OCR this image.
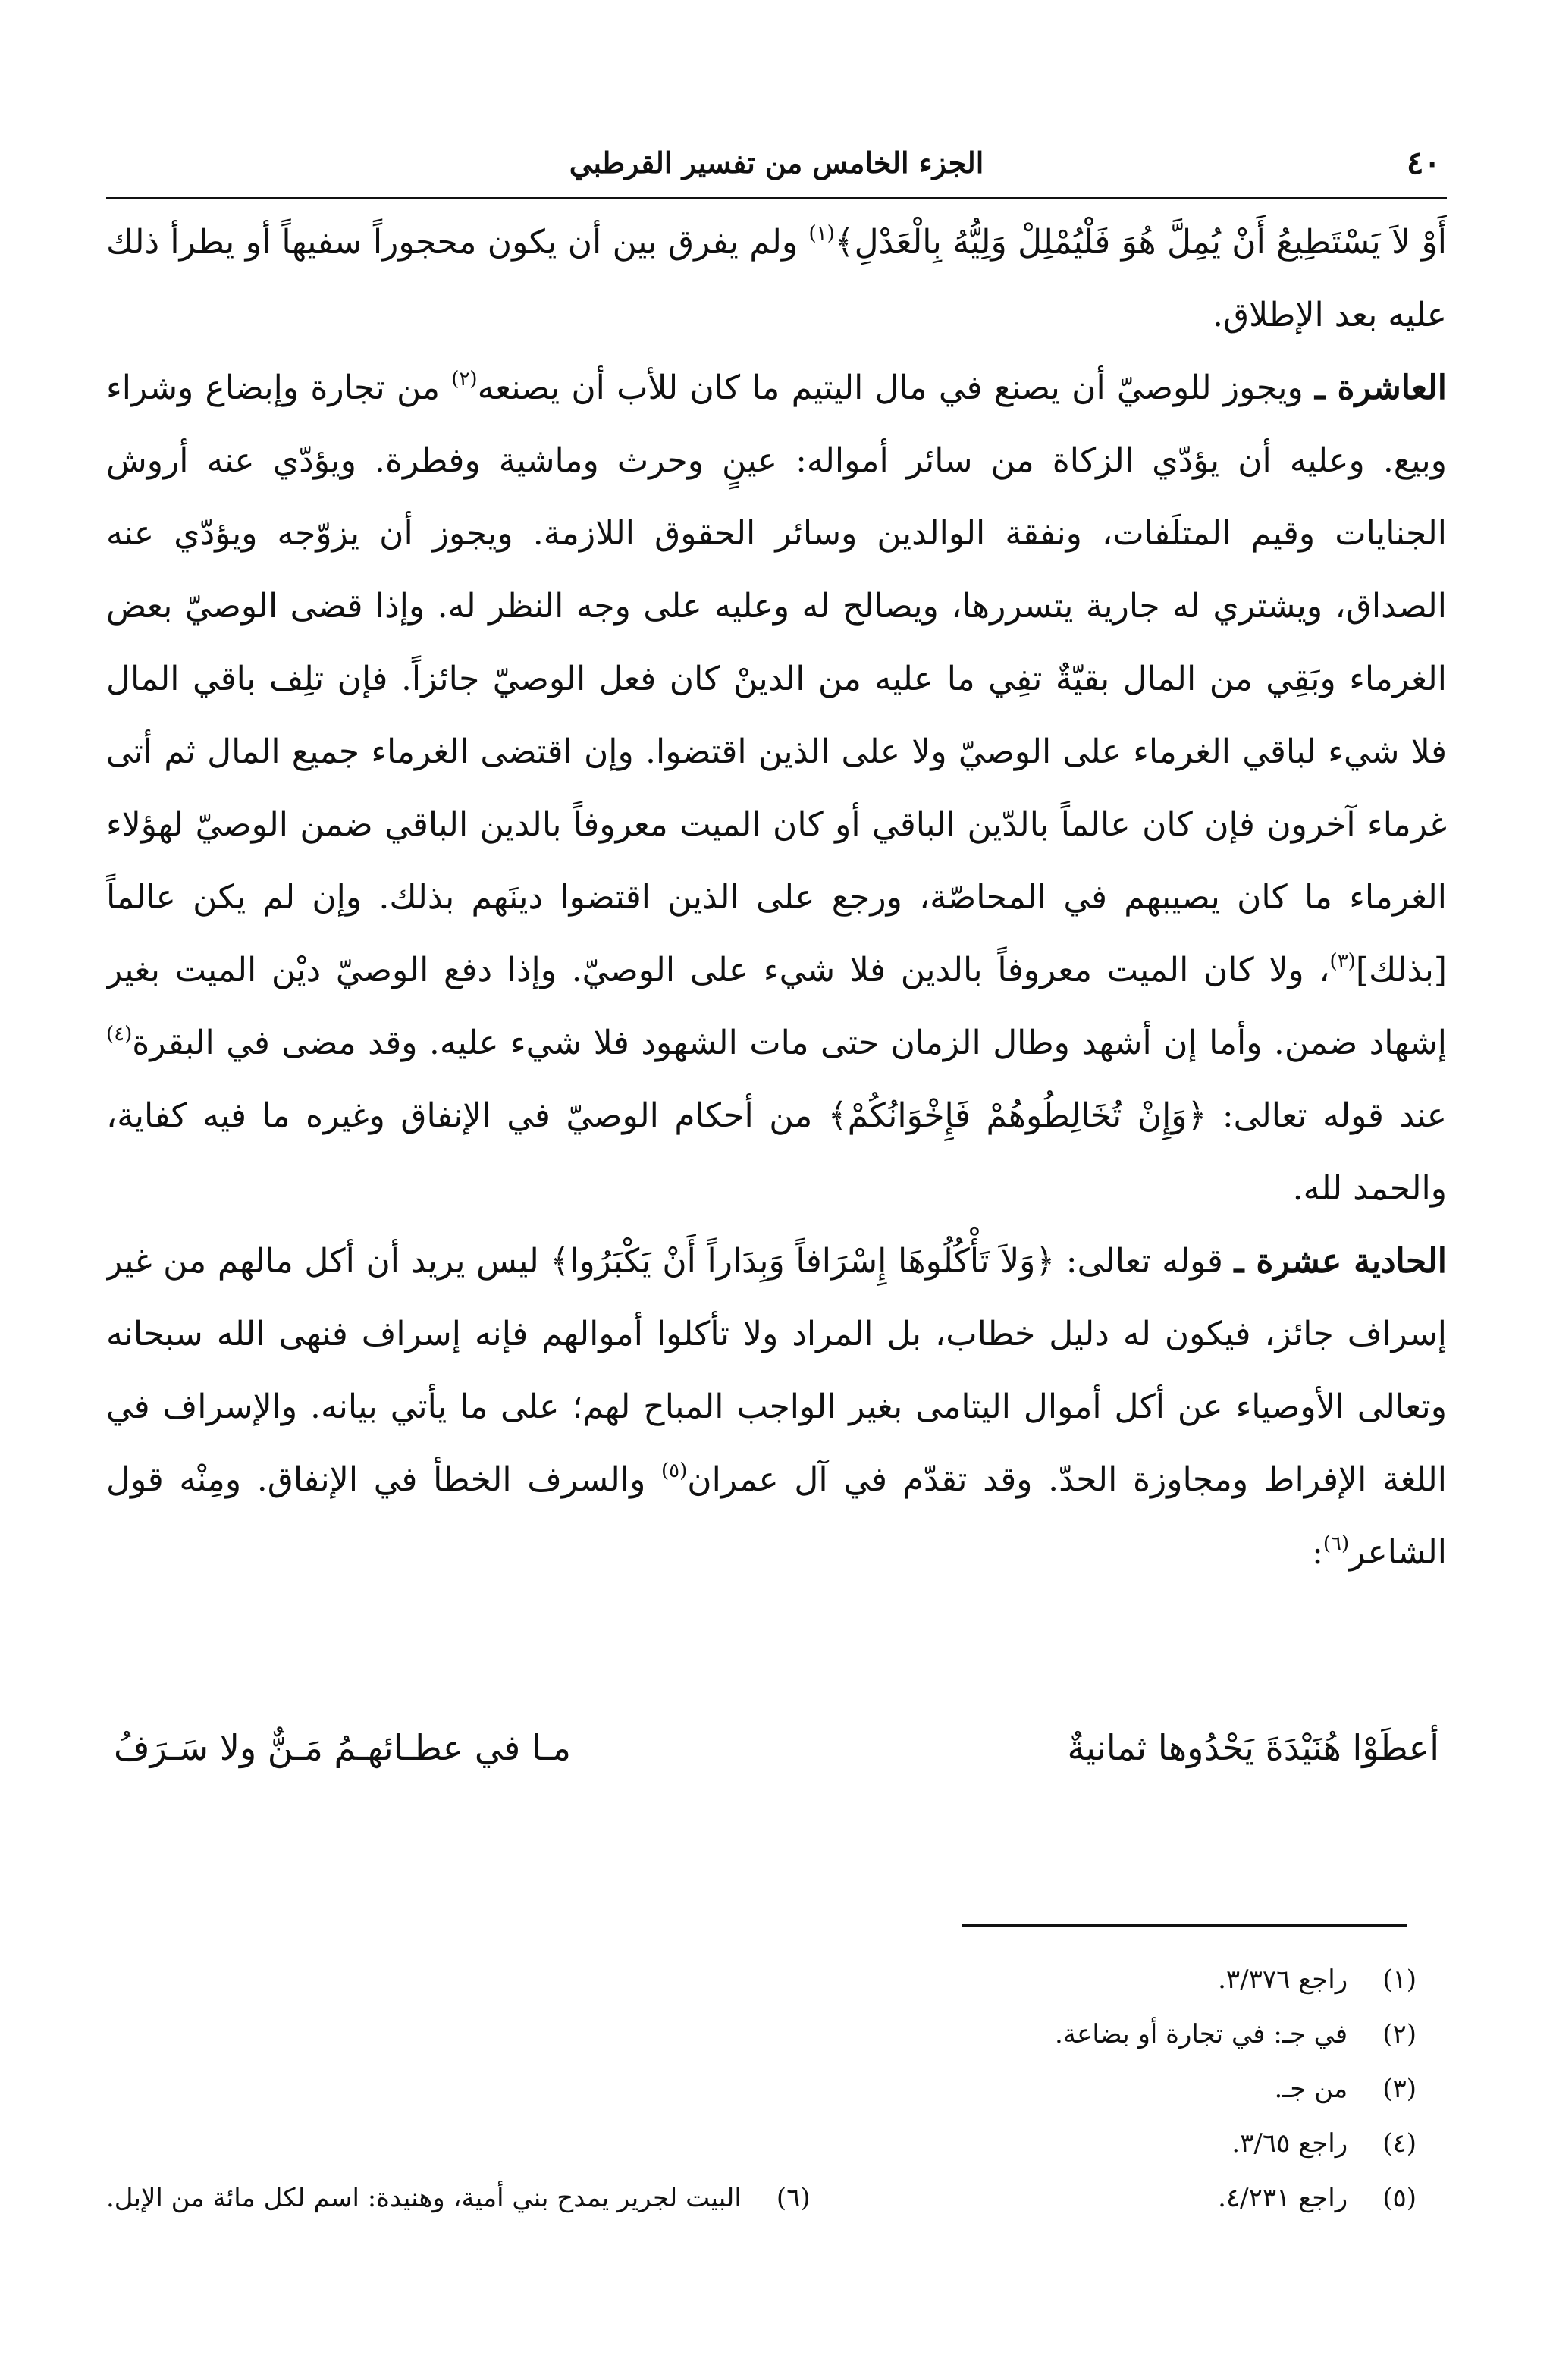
٤٠
الجزء الخامس من تفسير القرطبي

أَوْ لاَ يَسْتَطِيعُ أَنْ يُمِلَّ هُوَ فَلْيُمْلِلْ وَلِيُّهُ بِالْعَدْلِ﴾$^{(١)}$ ولم يفرق بين أن يكون محجوراً سفيهاً أو يطرأ ذلك عليه بعد الإطلاق.

العاشرة ـ ويجوز للوصيّ أن يصنع في مال اليتيم ما كان للأب أن يصنعه$^{(٢)}$ من تجارة وإبضاع وشراء وبيع. وعليه أن يؤدّي الزكاة من سائر أمواله: عينٍ وحرث وماشية وفطرة. ويؤدّي عنه أروش الجنايات وقيم المتلَفات، ونفقة الوالدين وسائر الحقوق اللازمة. ويجوز أن يزوّجه ويؤدّي عنه الصداق، ويشتري له جارية يتسررها، ويصالح له وعليه على وجه النظر له. وإذا قضى الوصيّ بعض الغرماء وبَقِي من المال بقيّةٌ تفِي ما عليه من الدينْ كان فعل الوصيّ جائزاً. فإن تلِف باقي المال فلا شيء لباقي الغرماء على الوصيّ ولا على الذين اقتضوا. وإن اقتضى الغرماء جميع المال ثم أتى غرماء آخرون فإن كان عالماً بالدّين الباقي أو كان الميت معروفاً بالدين الباقي ضمن الوصيّ لهؤلاء الغرماء ما كان يصيبهم في المحاصّة، ورجع على الذين اقتضوا دينَهم بذلك. وإن لم يكن عالماً [بذلك]$^{(٣)}$، ولا كان الميت معروفاً بالدين فلا شيء على الوصيّ. وإذا دفع الوصيّ ديْن الميت بغير إشهاد ضمن. وأما إن أشهد وطال الزمان حتى مات الشهود فلا شيء عليه. وقد مضى في البقرة$^{(٤)}$ عند قوله تعالى: ﴿وَإِنْ تُخَالِطُوهُمْ فَإِخْوَانُكُمْ﴾ من أحكام الوصيّ في الإنفاق وغيره ما فيه كفاية، والحمد لله.

الحادية عشرة ـ قوله تعالى: ﴿وَلاَ تَأْكُلُوهَا إِسْرَافاً وَبِدَاراً أَنْ يَكْبَرُوا﴾ ليس يريد أن أكل مالهم من غير إسراف جائز، فيكون له دليل خطاب، بل المراد ولا تأكلوا أموالهم فإنه إسراف فنهى الله سبحانه وتعالى الأوصياء عن أكل أموال اليتامى بغير الواجب المباح لهم؛ على ما يأتي بيانه. والإسراف في اللغة الإفراط ومجاوزة الحدّ. وقد تقدّم في آل عمران$^{(٥)}$ والسرف الخطأ في الإنفاق. ومِنْه قول الشاعر$^{(٦)}$:

أعطَوْا هُنَيْدَةَ يَحْدُوها ثمانيةٌ
مـا في عطـائهـمُ مَـنٌّ ولا سَـرَفُ
(١) راجع ٣/٣٧٦.
(٢) في جـ: في تجارة أو بضاعة.
(٣) من جـ.
(٤) راجع ٣/٦٥.
(٥) راجع ٤/٢٣١.
(٦) البيت لجرير يمدح بني أمية، وهنيدة: اسم لكل مائة من الإبل.
